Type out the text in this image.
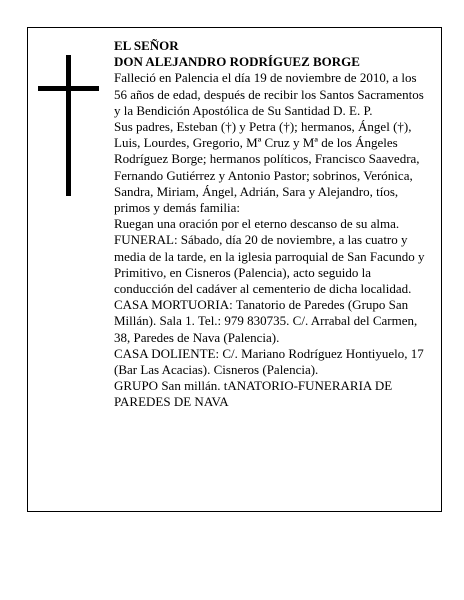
EL SEÑOR

DON ALEJANDRO RODRÍGUEZ BORGE

Falleció en Palencia el día 19 de noviembre de 2010, a los 56 años de edad, después de recibir los Santos Sacramentos y la Bendición Apostólica de Su Santidad D. E. P.

Sus padres, Esteban (†) y Petra (†); hermanos, Ángel (†), Luis, Lourdes, Gregorio, Mª Cruz y Mª de los Ángeles Rodríguez Borge; hermanos políticos, Francisco Saavedra, Fernando Gutiérrez y Antonio Pastor; sobrinos, Verónica, Sandra, Miriam, Ángel, Adrián, Sara y Alejandro, tíos, primos y demás familia:

Ruegan una oración por el eterno descanso de su alma.

FUNERAL: Sábado, día 20 de noviembre, a las cuatro y media de la tarde, en la iglesia parroquial de San Facundo y Primitivo, en Cisneros (Palencia), acto seguido la conducción del cadáver al cementerio de dicha localidad.

CASA MORTUORIA: Tanatorio de Paredes (Grupo San Millán). Sala 1. Tel.: 979 830735. C/. Arrabal del Carmen, 38, Paredes de Nava (Palencia).

CASA DOLIENTE: C/. Mariano Rodríguez Hontiyuelo, 17 (Bar Las Acacias). Cisneros (Palencia).

GRUPO San millán. tANATORIO-FUNERARIA DE PAREDES DE NAVA
